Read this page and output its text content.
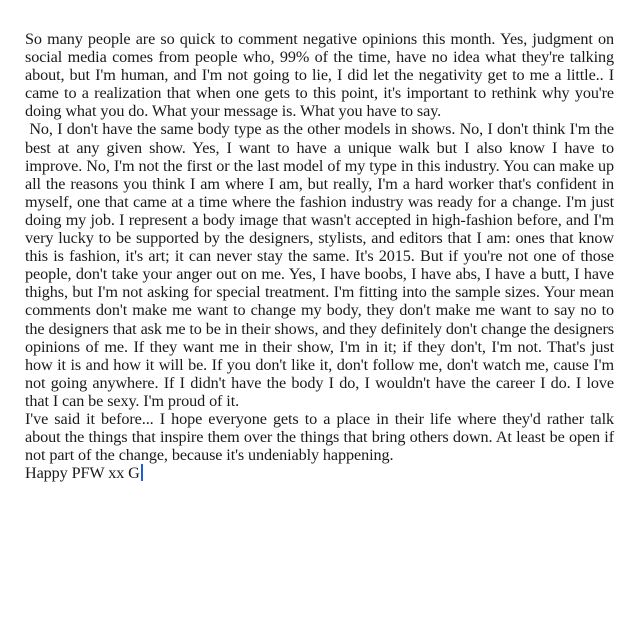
So many people are so quick to comment negative opinions this month. Yes, judgment on social media comes from people who, 99% of the time, have no idea what they're talking about, but I'm human, and I'm not going to lie, I did let the negativity get to me a little.. I came to a realization that when one gets to this point, it's important to rethink why you're doing what you do. What your message is. What you have to say.

No, I don't have the same body type as the other models in shows. No, I don't think I'm the best at any given show. Yes, I want to have a unique walk but I also know I have to improve. No, I'm not the first or the last model of my type in this industry. You can make up all the reasons you think I am where I am, but really, I'm a hard worker that's confident in myself, one that came at a time where the fashion industry was ready for a change. I'm just doing my job. I represent a body image that wasn't accepted in high-fashion before, and I'm very lucky to be supported by the designers, stylists, and editors that I am: ones that know this is fashion, it's art; it can never stay the same. It's 2015. But if you're not one of those people, don't take your anger out on me. Yes, I have boobs, I have abs, I have a butt, I have thighs, but I'm not asking for special treatment. I'm fitting into the sample sizes. Your mean comments don't make me want to change my body, they don't make me want to say no to the designers that ask me to be in their shows, and they definitely don't change the designers opinions of me. If they want me in their show, I'm in it; if they don't, I'm not. That's just how it is and how it will be. If you don't like it, don't follow me, don't watch me, cause I'm not going anywhere. If I didn't have the body I do, I wouldn't have the career I do. I love that I can be sexy. I'm proud of it.

I've said it before... I hope everyone gets to a place in their life where they'd rather talk about the things that inspire them over the things that bring others down. At least be open if not part of the change, because it's undeniably happening.

Happy PFW xx G
